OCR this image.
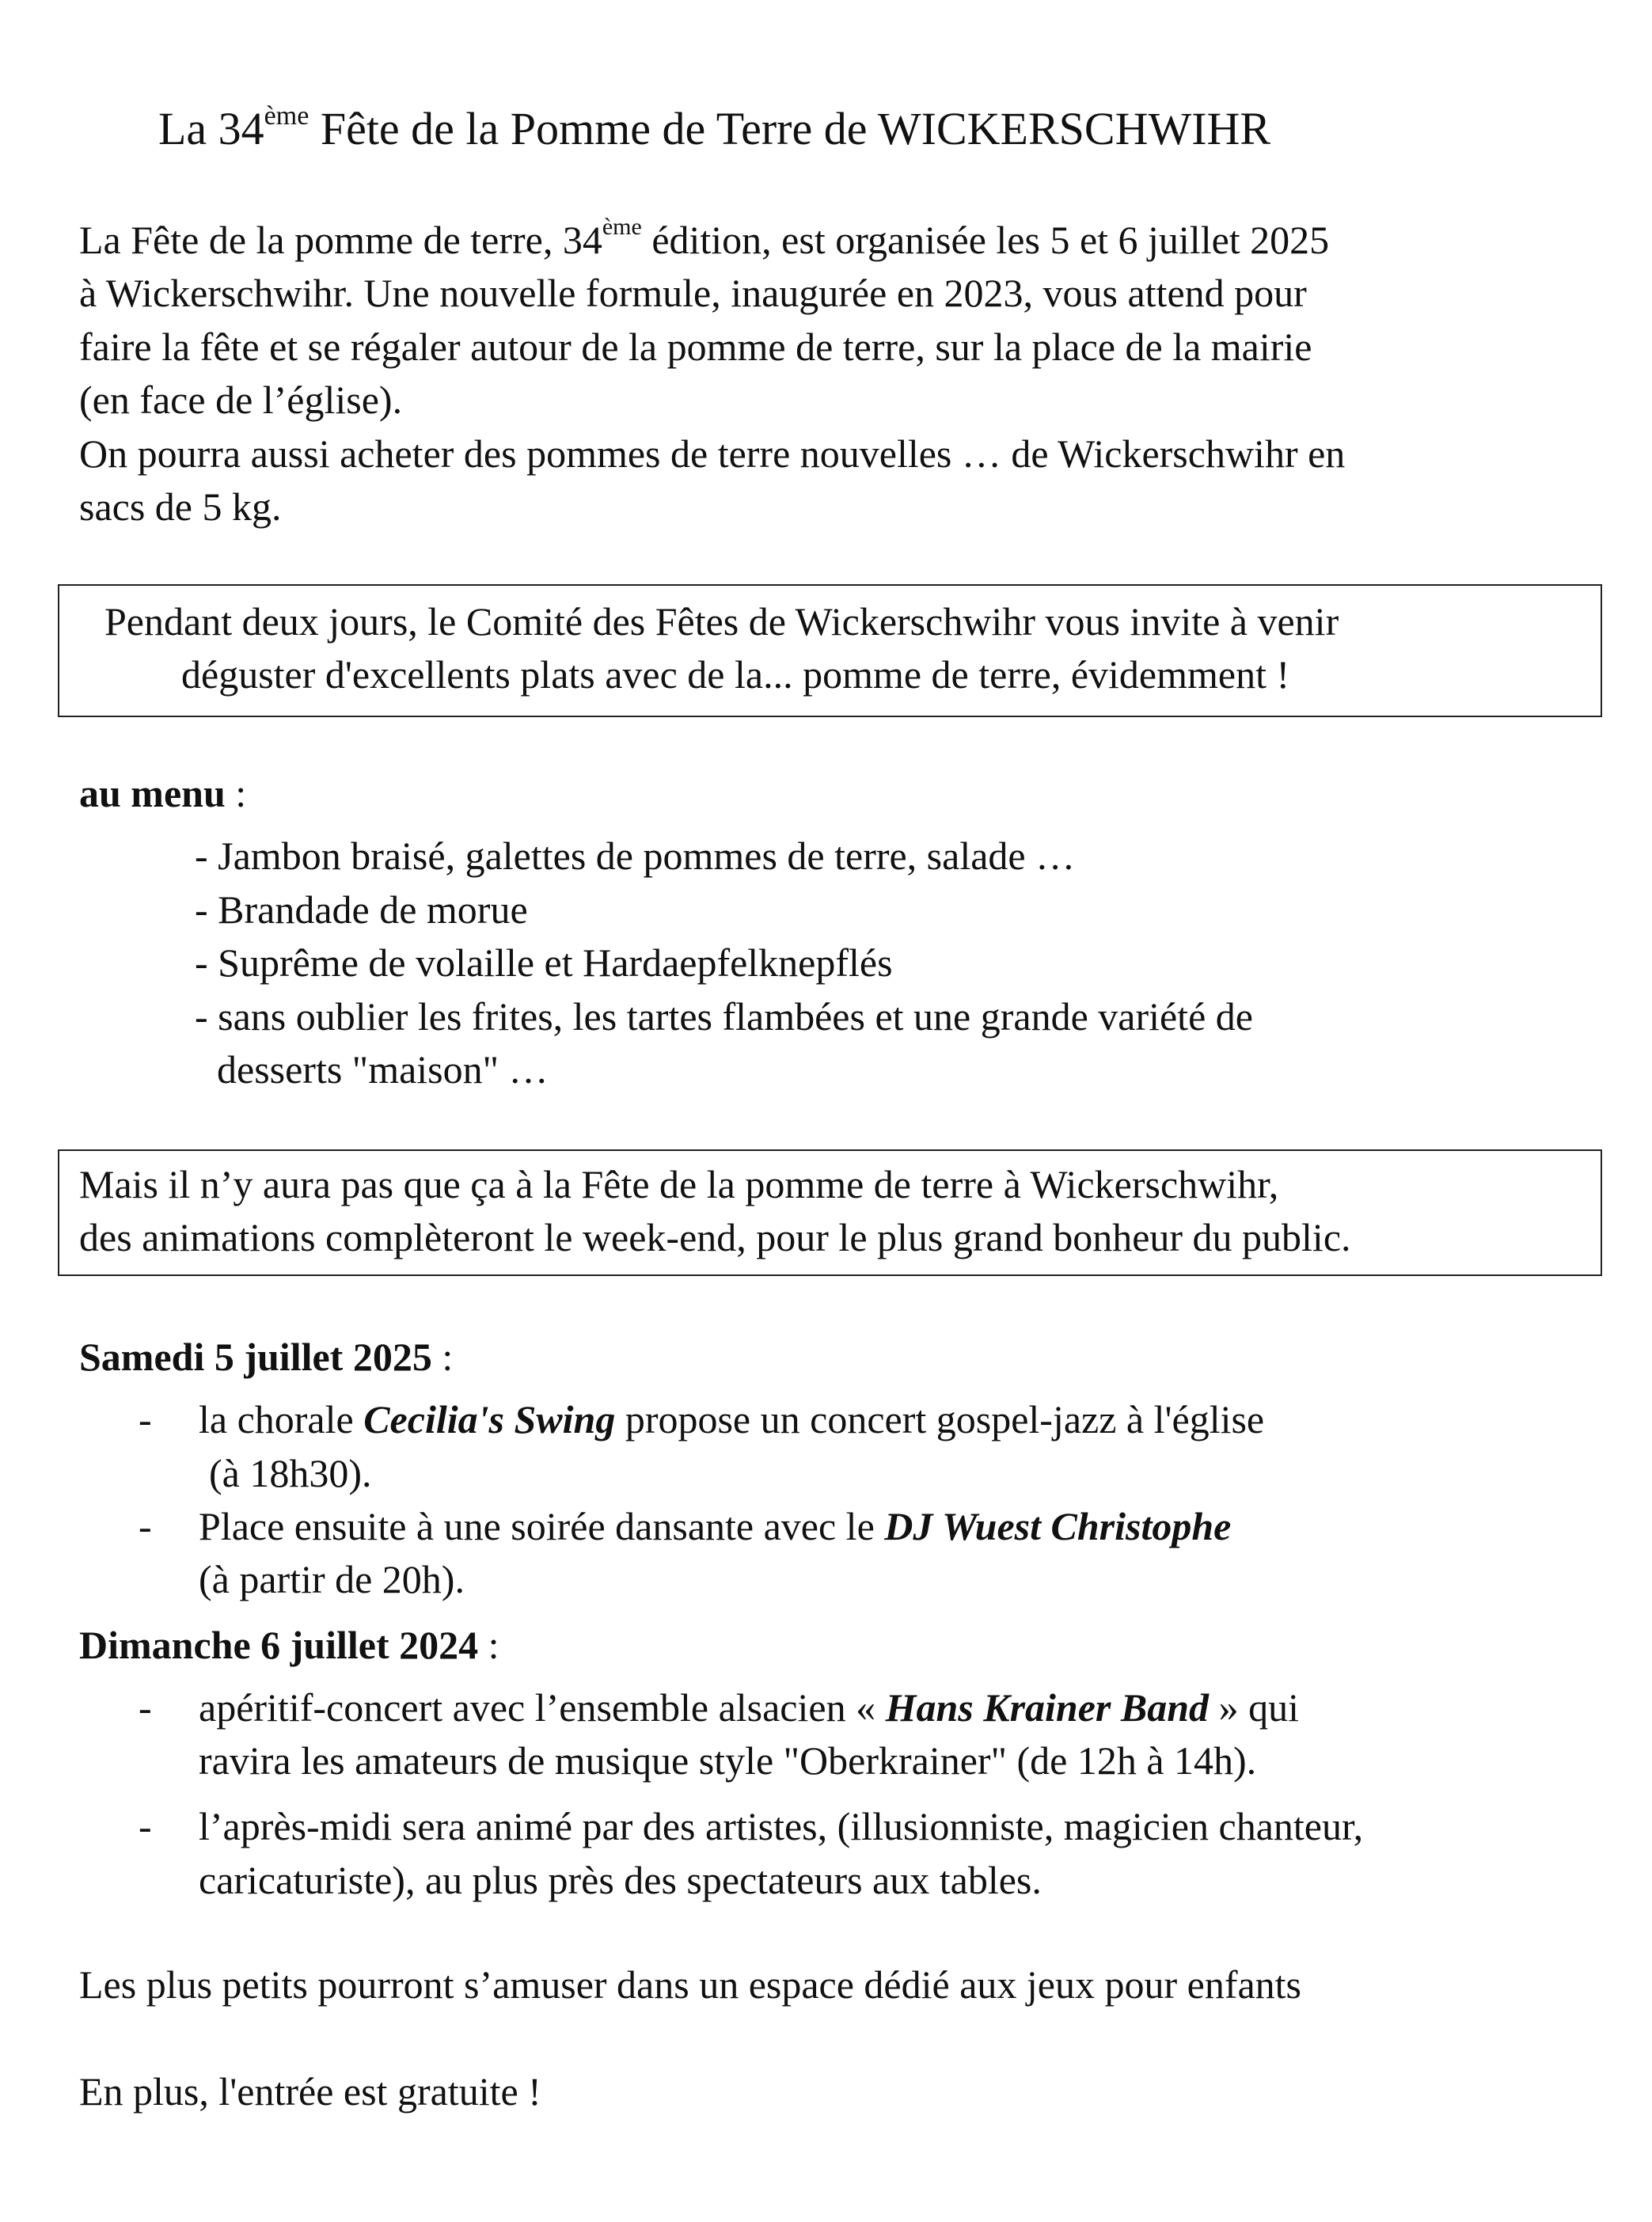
La 34ème Fête de la Pomme de Terre de WICKERSCHWIHR
La Fête de la pomme de terre, 34ème édition, est organisée les 5 et 6 juillet 2025
à Wickerschwihr. Une nouvelle formule, inaugurée en 2023, vous attend pour
faire la fête et se régaler autour de la pomme de terre, sur la place de la mairie
(en face de l’église).
On pourra aussi acheter des pommes de terre nouvelles … de Wickerschwihr en
sacs de 5 kg.
Pendant deux jours, le Comité des Fêtes de Wickerschwihr vous invite à venir
déguster d'excellents plats avec de la... pomme de terre, évidemment !
au menu :
- Jambon braisé, galettes de pommes de terre, salade …
- Brandade de morue
- Suprême de volaille et Hardaepfelknepflés
- sans oublier les frites, les tartes flambées et une grande variété de
desserts "maison" …
Mais il n’y aura pas que ça à la Fête de la pomme de terre à Wickerschwihr,
des animations complèteront le week-end, pour le plus grand bonheur du public.
Samedi 5 juillet 2025 :
- la chorale Cecilia's Swing propose un concert gospel-jazz à l'église
(à 18h30).
- Place ensuite à une soirée dansante avec le DJ Wuest Christophe
(à partir de 20h).
Dimanche 6 juillet 2024 :
- apéritif-concert avec l’ensemble alsacien « Hans Krainer Band » qui
ravira les amateurs de musique style "Oberkrainer" (de 12h à 14h).
- l’après-midi sera animé par des artistes, (illusionniste, magicien chanteur,
caricaturiste), au plus près des spectateurs aux tables.
Les plus petits pourront s’amuser dans un espace dédié aux jeux pour enfants
En plus, l'entrée est gratuite !
